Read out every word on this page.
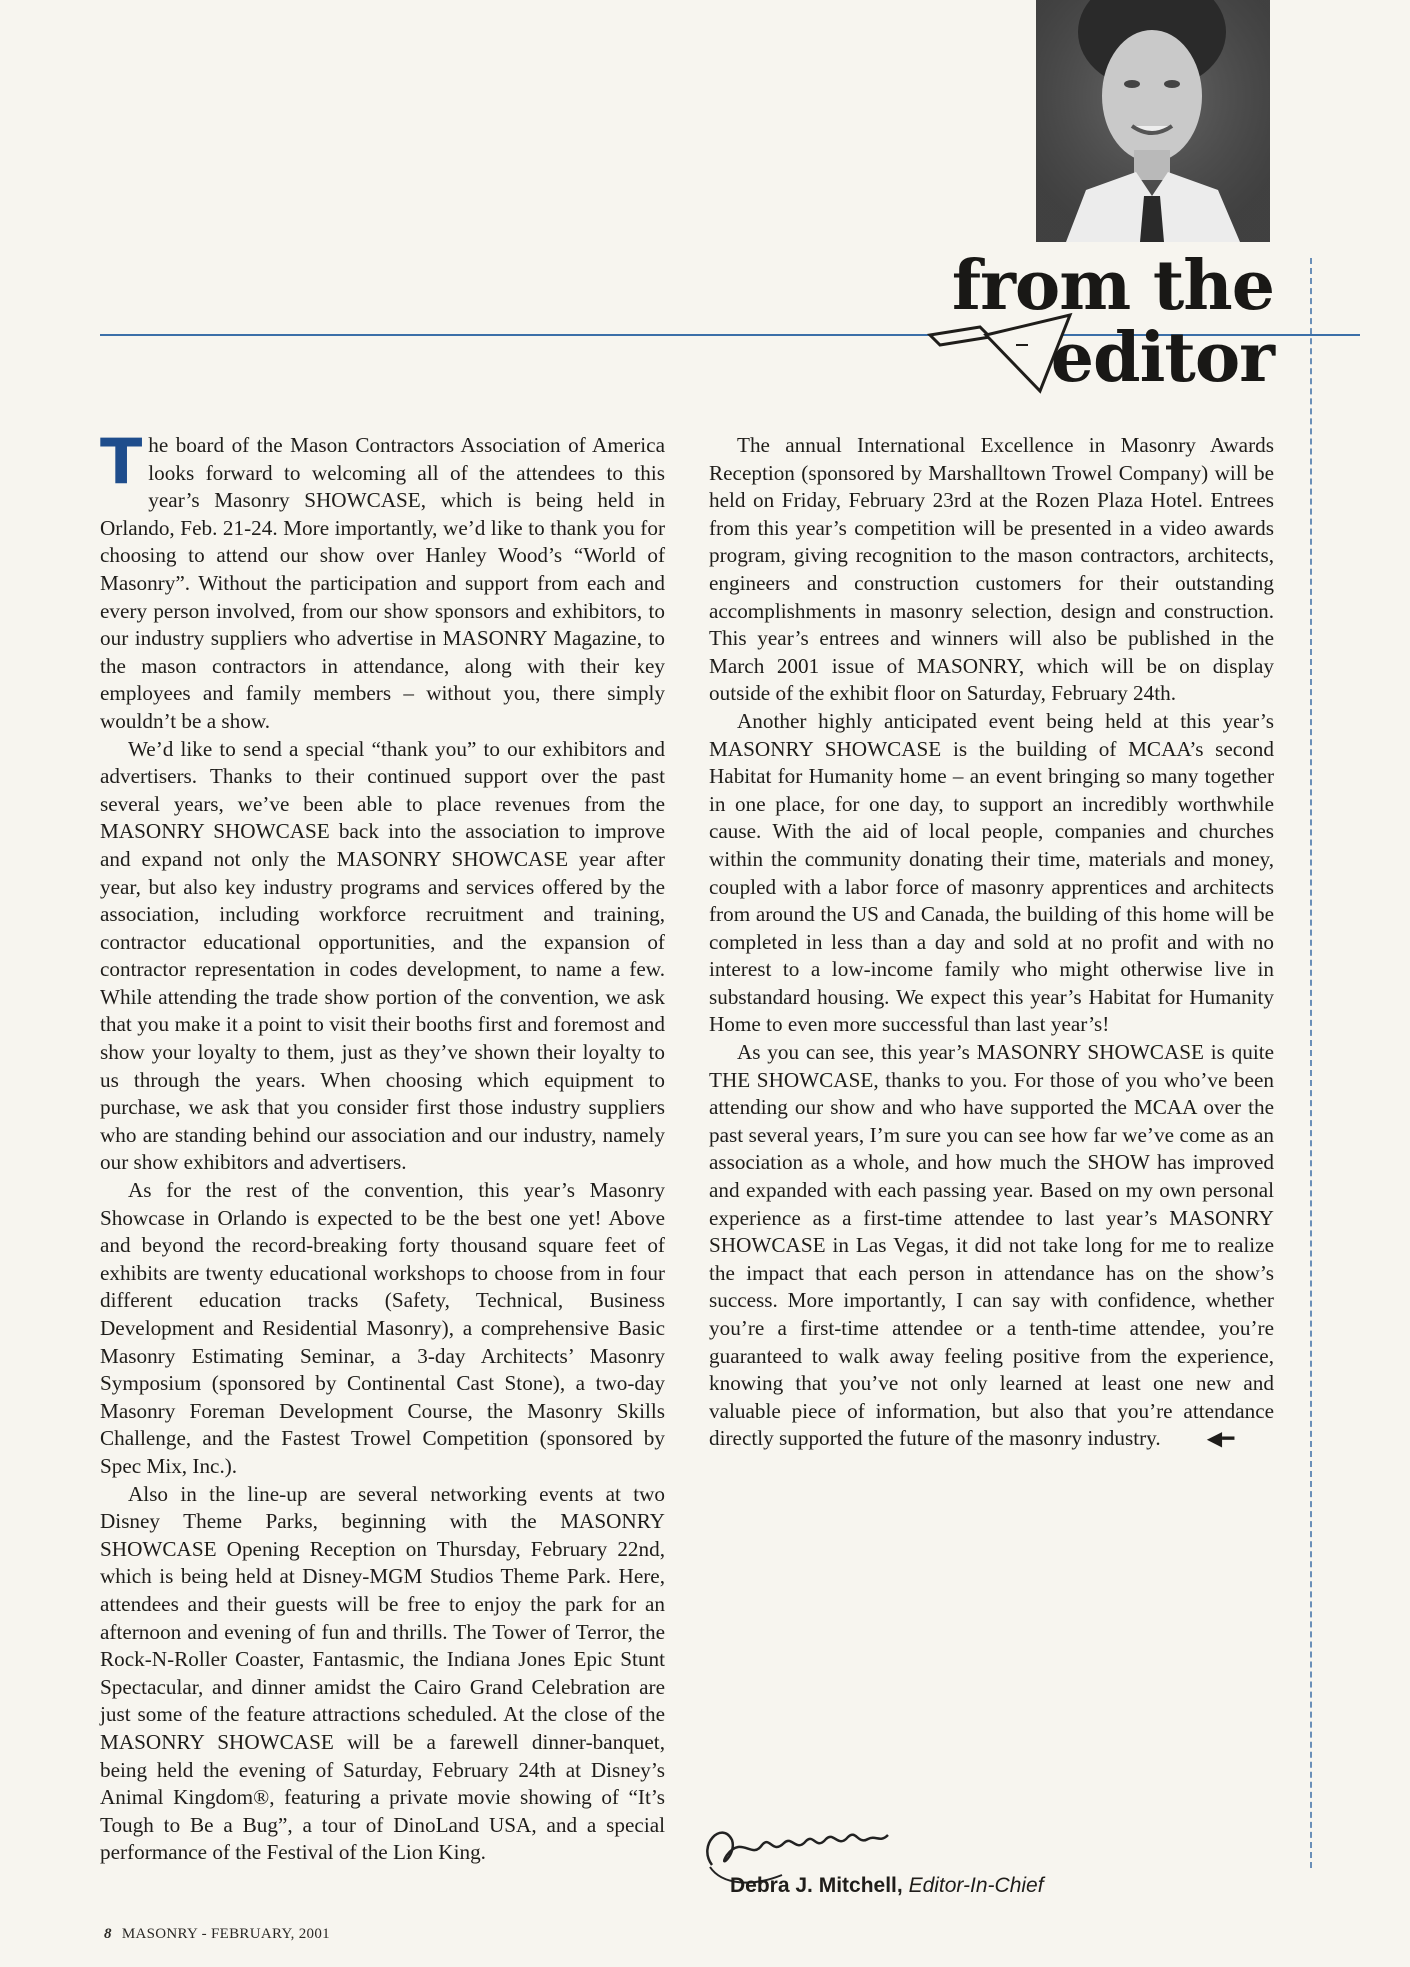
from the
editor

The board of the Mason Contractors Association of America looks forward to welcoming all of the attendees to this year’s Masonry SHOWCASE, which is being held in Orlando, Feb. 21-24. More importantly, we’d like to thank you for choosing to attend our show over Hanley Wood’s “World of Masonry”. Without the participation and support from each and every person involved, from our show sponsors and exhibitors, to our industry suppliers who advertise in MASONRY Magazine, to the mason contractors in attendance, along with their key employees and family members – without you, there simply wouldn’t be a show.

We’d like to send a special “thank you” to our exhibitors and advertisers. Thanks to their continued support over the past several years, we’ve been able to place revenues from the MASONRY SHOWCASE back into the association to improve and expand not only the MASONRY SHOWCASE year after year, but also key industry programs and services offered by the association, including workforce recruitment and training, contractor educational opportunities, and the expansion of contractor representation in codes development, to name a few. While attending the trade show portion of the convention, we ask that you make it a point to visit their booths first and foremost and show your loyalty to them, just as they’ve shown their loyalty to us through the years. When choosing which equipment to purchase, we ask that you consider first those industry suppliers who are standing behind our association and our industry, namely our show exhibitors and advertisers.

As for the rest of the convention, this year’s Masonry Showcase in Orlando is expected to be the best one yet! Above and beyond the record-breaking forty thousand square feet of exhibits are twenty educational workshops to choose from in four different education tracks (Safety, Technical, Business Development and Residential Masonry), a comprehensive Basic Masonry Estimating Seminar, a 3-day Architects’ Masonry Symposium (sponsored by Continental Cast Stone), a two-day Masonry Foreman Development Course, the Masonry Skills Challenge, and the Fastest Trowel Competition (sponsored by Spec Mix, Inc.).

Also in the line-up are several networking events at two Disney Theme Parks, beginning with the MASONRY SHOWCASE Opening Reception on Thursday, February 22nd, which is being held at Disney-MGM Studios Theme Park. Here, attendees and their guests will be free to enjoy the park for an afternoon and evening of fun and thrills. The Tower of Terror, the Rock-N-Roller Coaster, Fantasmic, the Indiana Jones Epic Stunt Spectacular, and dinner amidst the Cairo Grand Celebration are just some of the feature attractions scheduled. At the close of the MASONRY SHOWCASE will be a farewell dinner-banquet, being held the evening of Saturday, February 24th at Disney’s Animal Kingdom®, featuring a private movie showing of “It’s Tough to Be a Bug”, a tour of DinoLand USA, and a special performance of the Festival of the Lion King.

The annual International Excellence in Masonry Awards Reception (sponsored by Marshalltown Trowel Company) will be held on Friday, February 23rd at the Rozen Plaza Hotel. Entrees from this year’s competition will be presented in a video awards program, giving recognition to the mason contractors, architects, engineers and construction customers for their outstanding accomplishments in masonry selection, design and construction. This year’s entrees and winners will also be published in the March 2001 issue of MASONRY, which will be on display outside of the exhibit floor on Saturday, February 24th.

Another highly anticipated event being held at this year’s MASONRY SHOWCASE is the building of MCAA’s second Habitat for Humanity home – an event bringing so many together in one place, for one day, to support an incredibly worthwhile cause. With the aid of local people, companies and churches within the community donating their time, materials and money, coupled with a labor force of masonry apprentices and architects from around the US and Canada, the building of this home will be completed in less than a day and sold at no profit and with no interest to a low-income family who might otherwise live in substandard housing. We expect this year’s Habitat for Humanity Home to even more successful than last year’s!

As you can see, this year’s MASONRY SHOWCASE is quite THE SHOWCASE, thanks to you. For those of you who’ve been attending our show and who have supported the MCAA over the past several years, I’m sure you can see how far we’ve come as an association as a whole, and how much the SHOW has improved and expanded with each passing year. Based on my own personal experience as a first-time attendee to last year’s MASONRY SHOWCASE in Las Vegas, it did not take long for me to realize the impact that each person in attendance has on the show’s success. More importantly, I can say with confidence, whether you’re a first-time attendee or a tenth-time attendee, you’re guaranteed to walk away feeling positive from the experience, knowing that you’ve not only learned at least one new and valuable piece of information, but also that you’re attendance directly supported the future of the masonry industry. ◀━

Debra J. Mitchell, Editor-In-Chief
8 MASONRY - FEBRUARY, 2001
